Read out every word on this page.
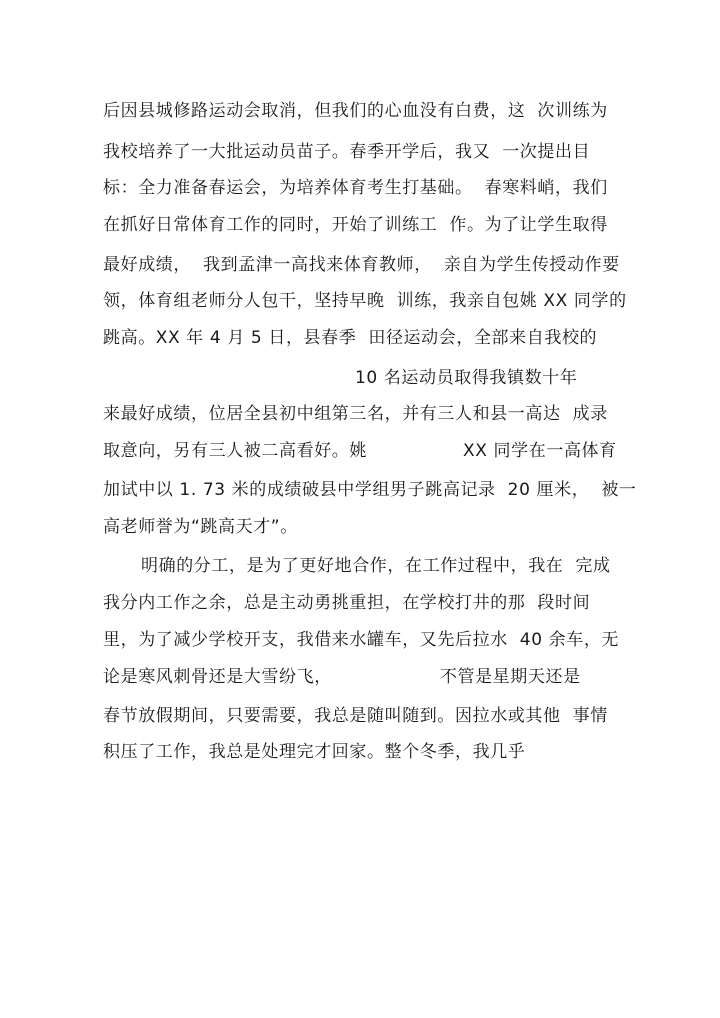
后因县城修路运动会取消，但我们的心血没有白费，这  次训练为
我校培养了一大批运动员苗子。春季开学后，我又  一次提出目
标：全力准备春运会，为培养体育考生打基础。  春寒料峭，我们
在抓好日常体育工作的同时，开始了训练工  作。为了让学生取得
最好成绩，  我到孟津一高找来体育教师，  亲自为学生传授动作要
领，体育组老师分人包干，坚持早晚  训练，我亲自包姚 XX 同学的
跳高。XX 年 4 月 5 日，县春季  田径运动会，全部来自我校的
10 名运动员取得我镇数十年
来最好成绩，位居全县初中组第三名，并有三人和县一高达  成录
取意向，另有三人被二高看好。姚                XX 同学在一高体育
加试中以 1. 73 米的成绩破县中学组男子跳高记录  20 厘米，  被一
高老师誉为“跳高天才”。
明确的分工，是为了更好地合作，在工作过程中，我在  完成
我分内工作之余，总是主动勇挑重担，在学校打井的那  段时间
里，为了减少学校开支，我借来水罐车，又先后拉水  40 余车，无
论是寒风刺骨还是大雪纷飞，                  不管是星期天还是
春节放假期间，只要需要，我总是随叫随到。因拉水或其他  事情
积压了工作，我总是处理完才回家。整个冬季，我几乎
